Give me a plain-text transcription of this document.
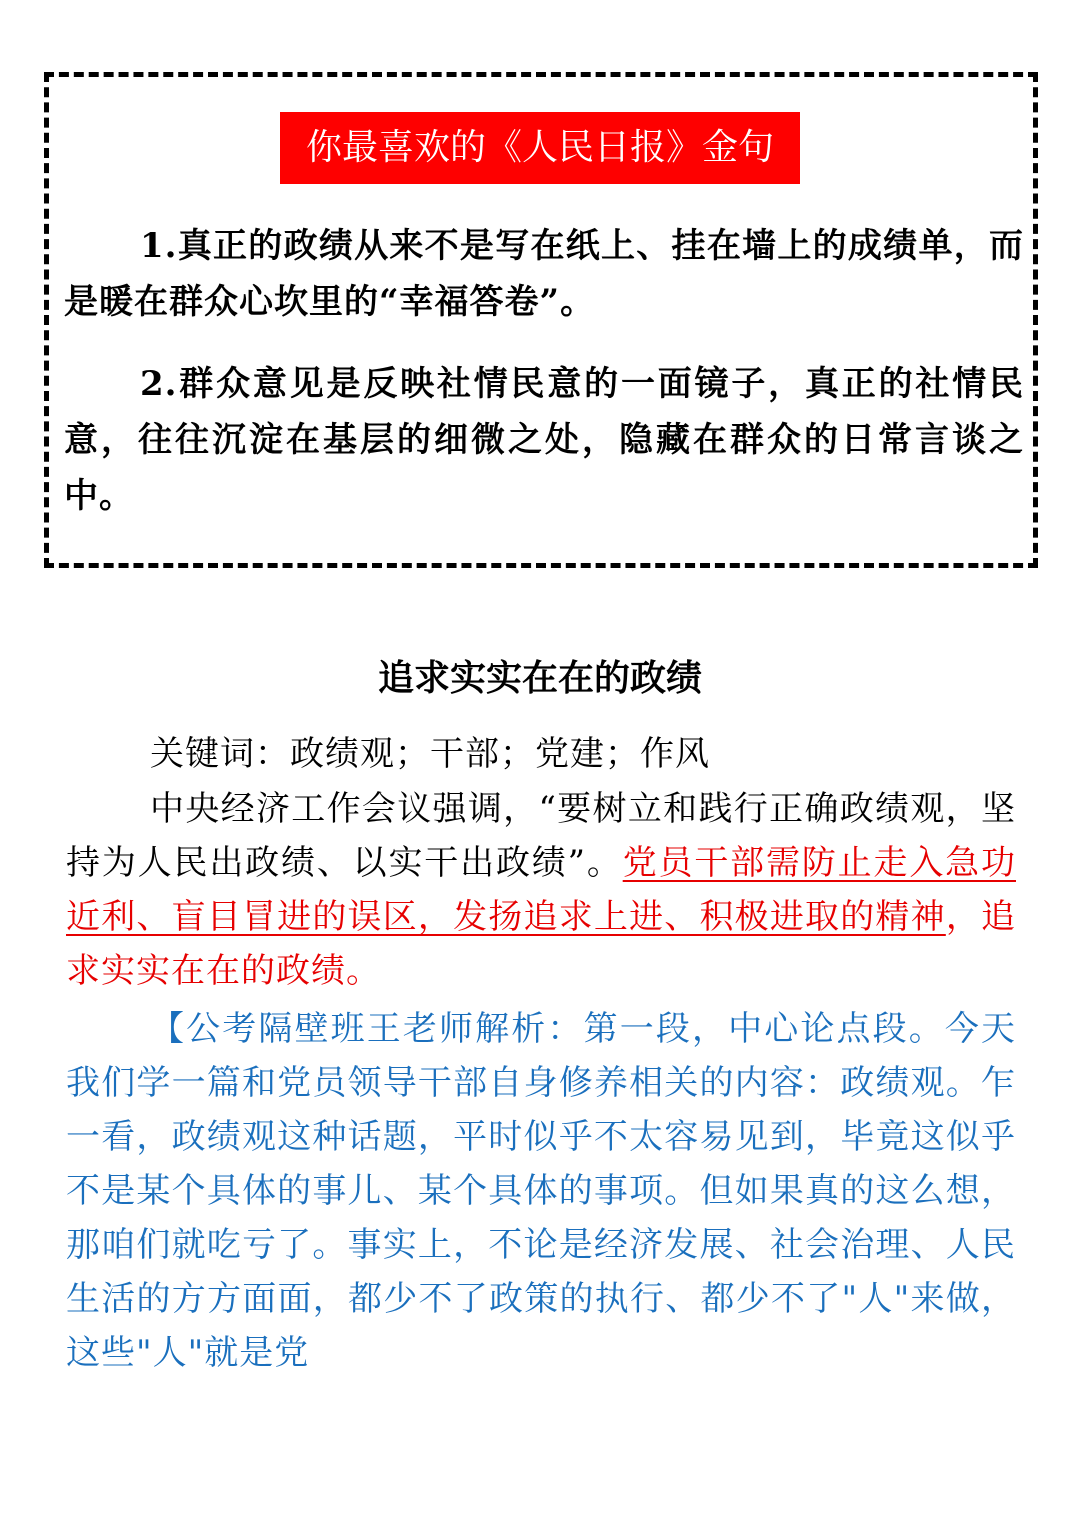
你最喜欢的《人民日报》金句

1.真正的政绩从来不是写在纸上、挂在墙上的成绩单，而是暖在群众心坎里的“幸福答卷”。

2.群众意见是反映社情民意的一面镜子，真正的社情民意，往往沉淀在基层的细微之处，隐藏在群众的日常言谈之中。

追求实实在在的政绩

关键词：政绩观；干部；党建；作风

中央经济工作会议强调，“要树立和践行正确政绩观，坚持为人民出政绩、以实干出政绩”。党员干部需防止走入急功近利、盲目冒进的误区，发扬追求上进、积极进取的精神，追求实实在在的政绩。

【公考隔壁班王老师解析：第一段，中心论点段。今天我们学一篇和党员领导干部自身修养相关的内容：政绩观。乍一看，政绩观这种话题，平时似乎不太容易见到，毕竟这似乎不是某个具体的事儿、某个具体的事项。但如果真的这么想，那咱们就吃亏了。事实上，不论是经济发展、社会治理、人民生活的方方面面，都少不了政策的执行、都少不了"人"来做，这些"人"就是党
